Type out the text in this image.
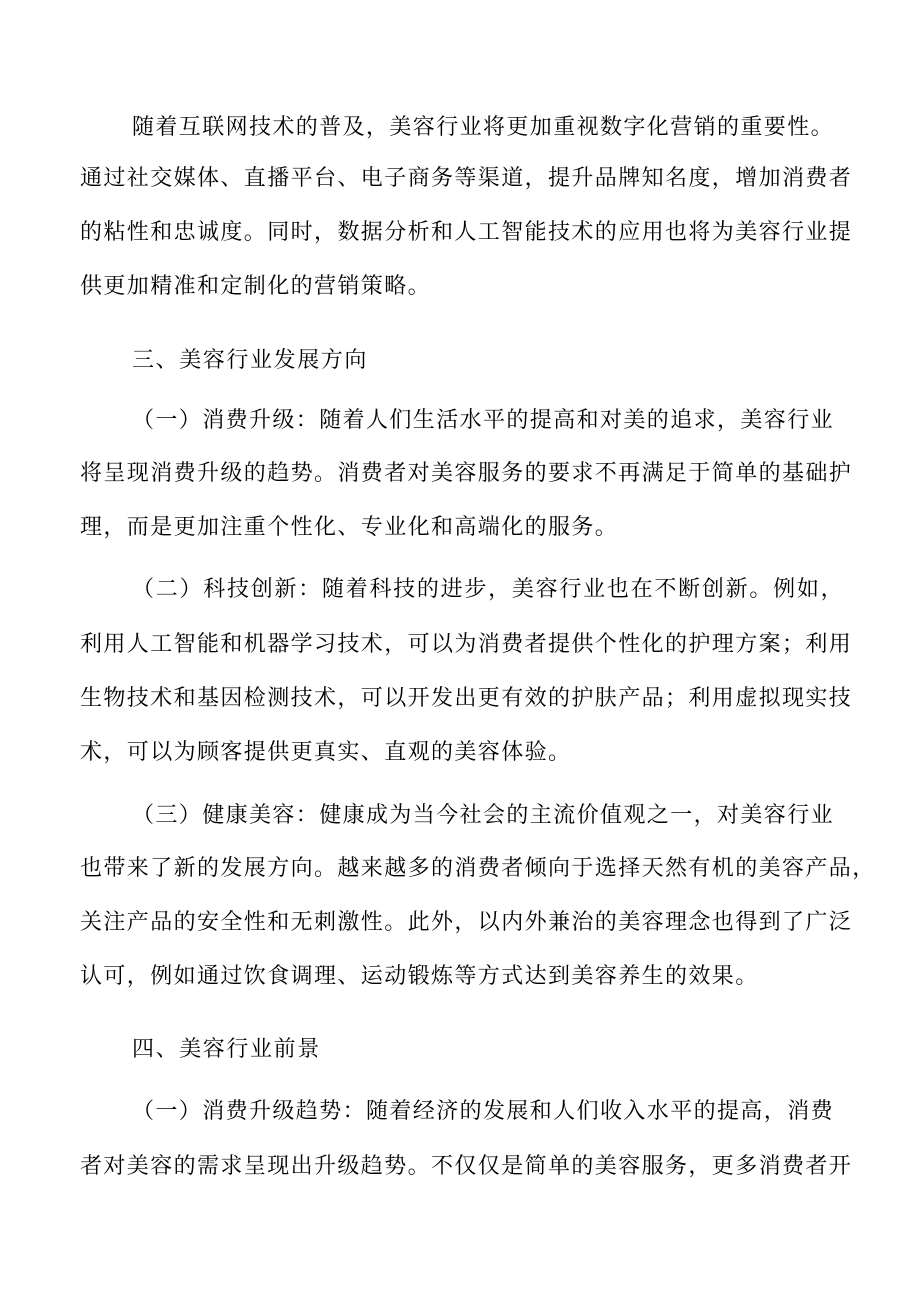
随着互联网技术的普及，美容行业将更加重视数字化营销的重要性。
通过社交媒体、直播平台、电子商务等渠道，提升品牌知名度，增加消费者
的粘性和忠诚度。同时，数据分析和人工智能技术的应用也将为美容行业提
供更加精准和定制化的营销策略。
三、美容行业发展方向
（一）消费升级：随着人们生活水平的提高和对美的追求，美容行业
将呈现消费升级的趋势。消费者对美容服务的要求不再满足于简单的基础护
理，而是更加注重个性化、专业化和高端化的服务。
（二）科技创新：随着科技的进步，美容行业也在不断创新。例如，
利用人工智能和机器学习技术，可以为消费者提供个性化的护理方案；利用
生物技术和基因检测技术，可以开发出更有效的护肤产品；利用虚拟现实技
术，可以为顾客提供更真实、直观的美容体验。
（三）健康美容：健康成为当今社会的主流价值观之一，对美容行业
也带来了新的发展方向。越来越多的消费者倾向于选择天然有机的美容产品，
关注产品的安全性和无刺激性。此外，以内外兼治的美容理念也得到了广泛
认可，例如通过饮食调理、运动锻炼等方式达到美容养生的效果。
四、美容行业前景
（一）消费升级趋势：随着经济的发展和人们收入水平的提高，消费
者对美容的需求呈现出升级趋势。不仅仅是简单的美容服务，更多消费者开
